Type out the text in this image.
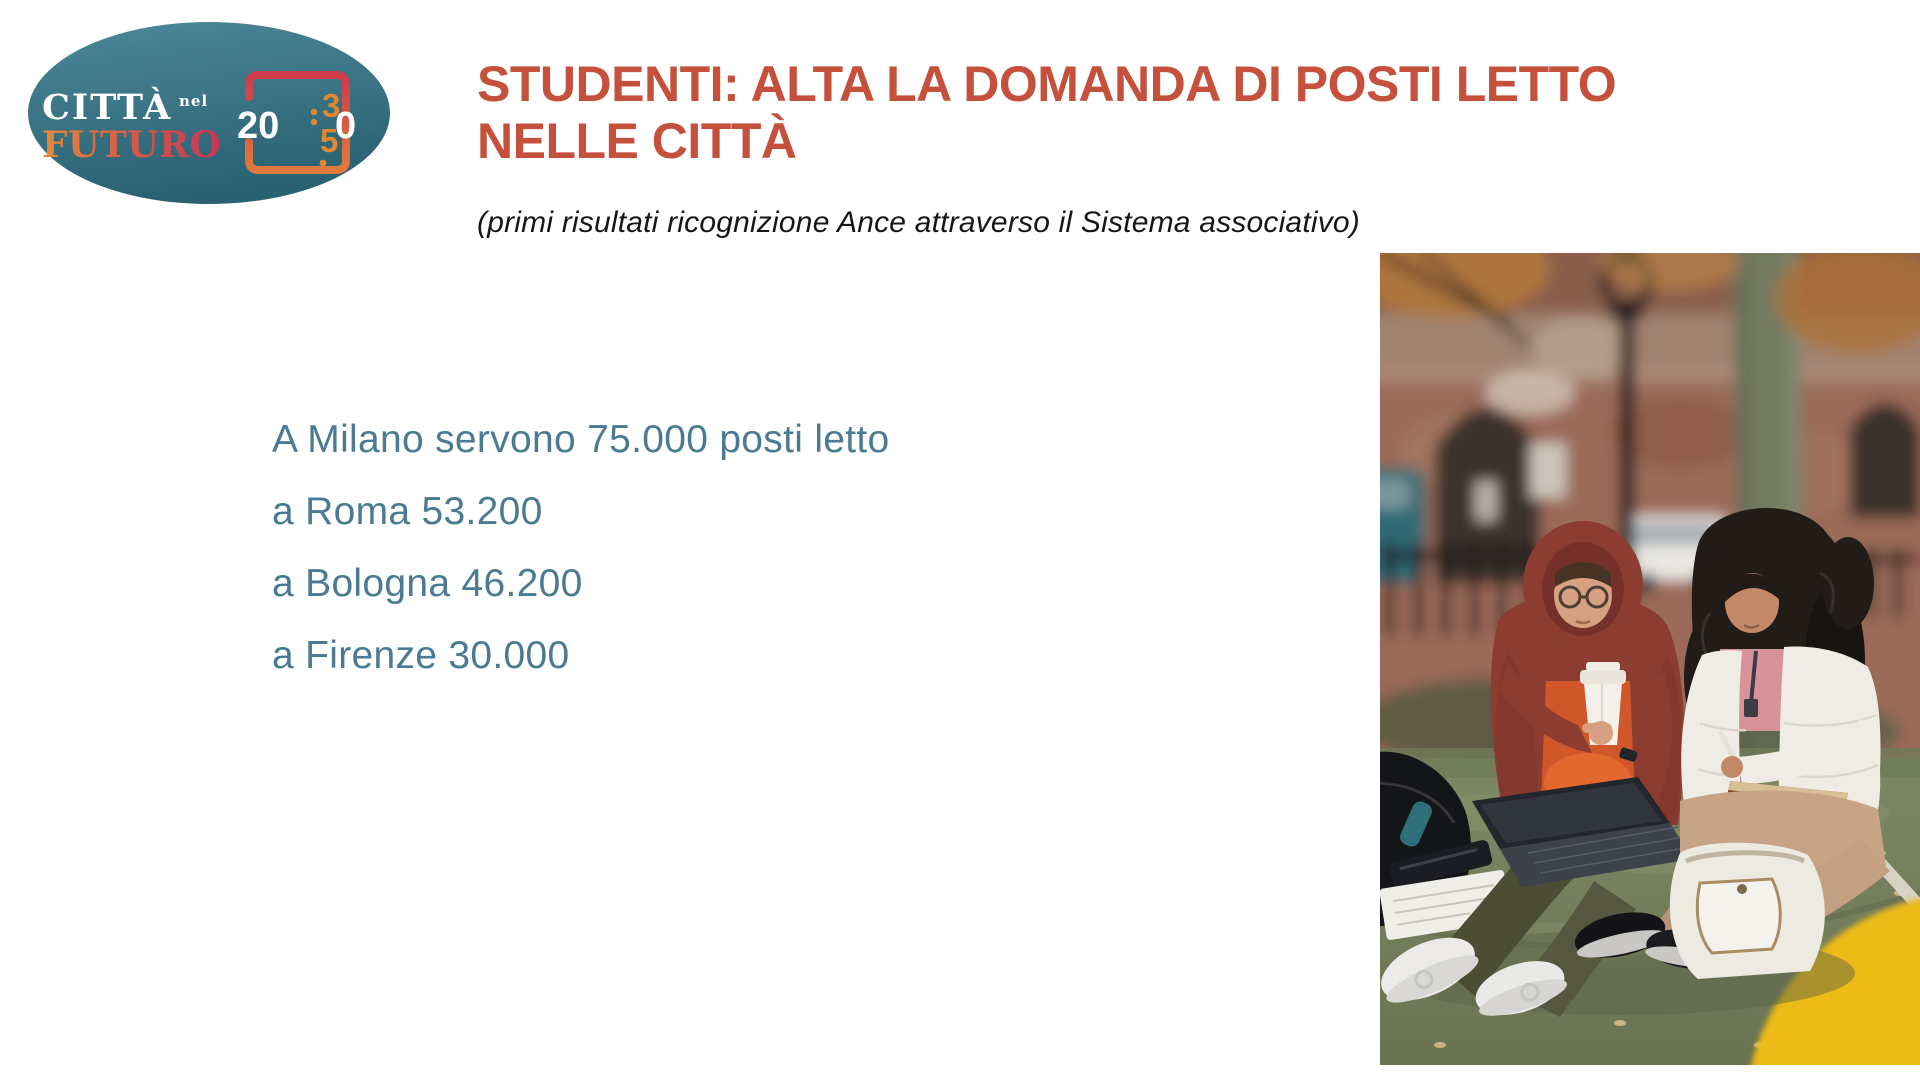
CITTÀ nel
FUTURO 20 3
5
0
STUDENTI: ALTA LA DOMANDA DI POSTI LETTO
NELLE CITTÀ
(primi risultati ricognizione Ance attraverso il Sistema associativo)
A Milano servono 75.000 posti letto
a Roma 53.200
a Bologna 46.200
a Firenze 30.000
